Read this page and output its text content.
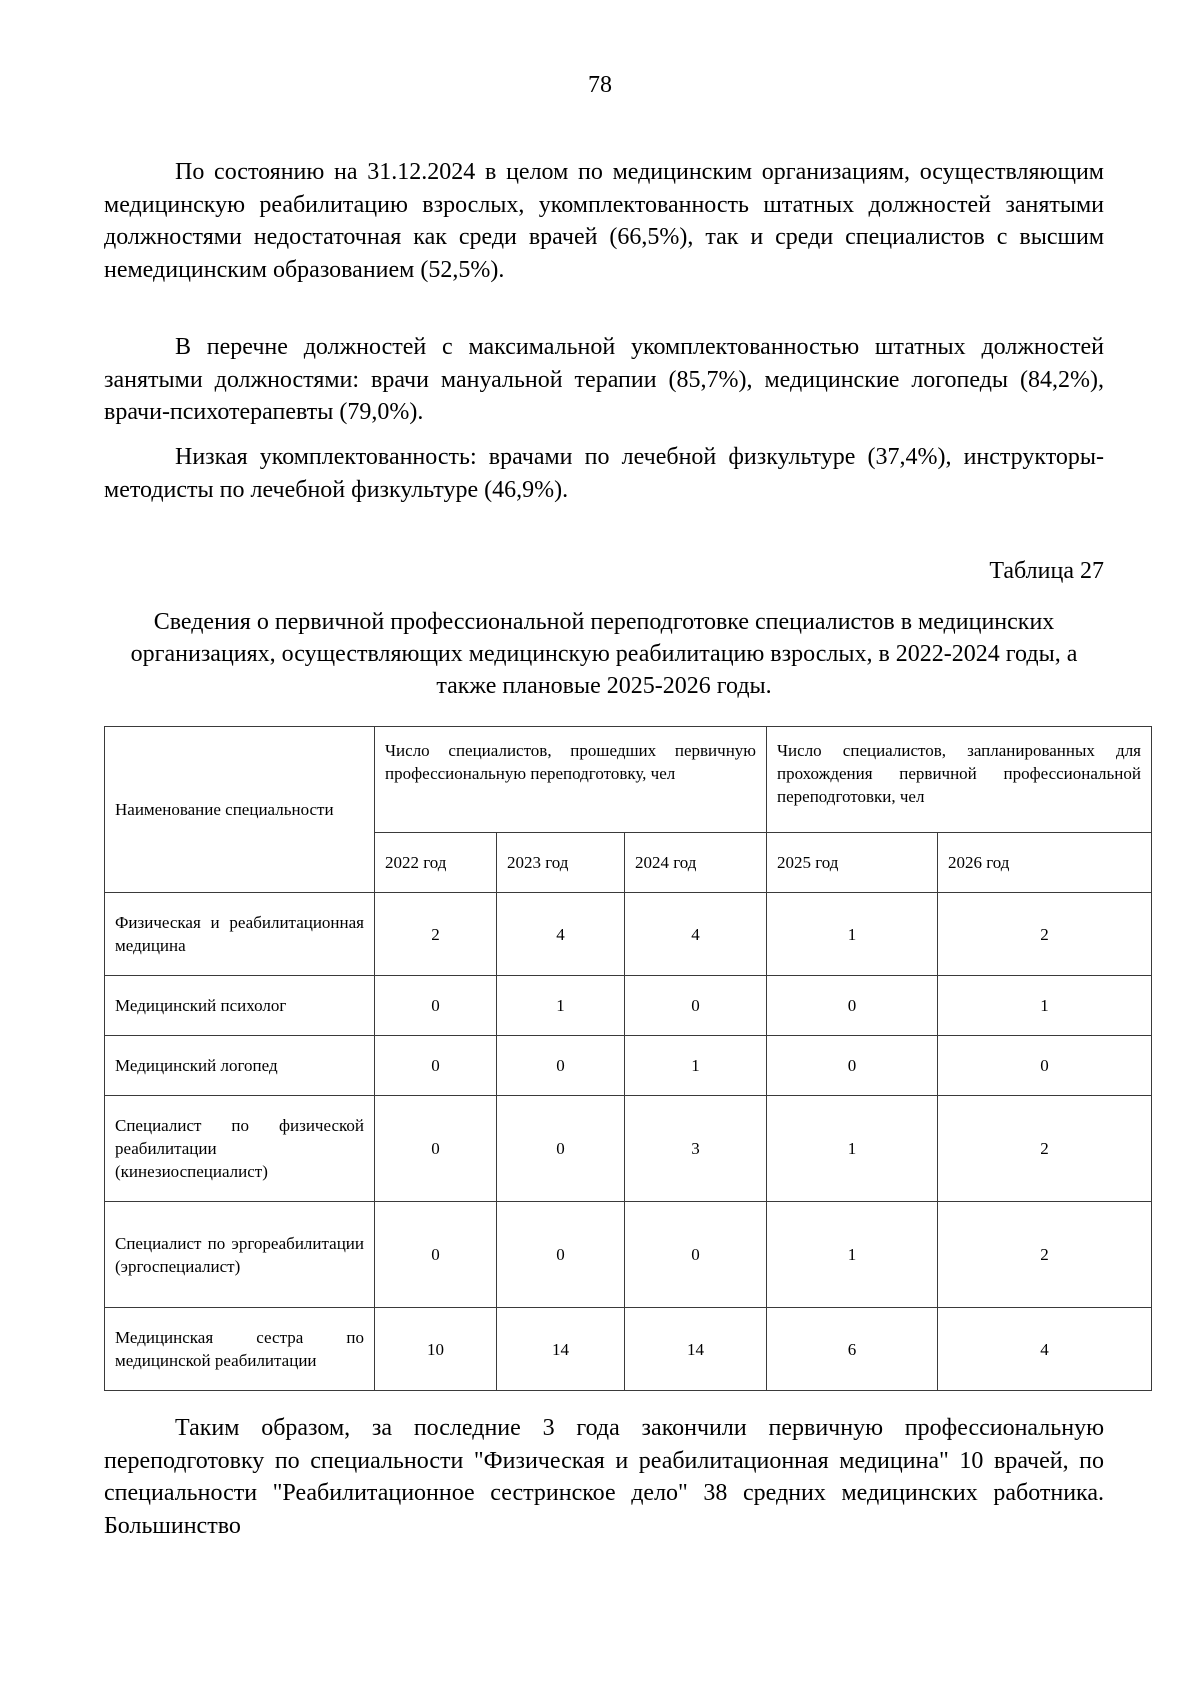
78

По состоянию на 31.12.2024 в целом по медицинским организациям, осуществляющим медицинскую реабилитацию взрослых, укомплектованность штатных должностей занятыми должностями недостаточная как среди врачей (66,5%), так и среди специалистов с высшим немедицинским образованием (52,5%).

В перечне должностей с максимальной укомплектованностью штатных должностей занятыми должностями: врачи мануальной терапии (85,7%), медицинские логопеды (84,2%), врачи-психотерапевты (79,0%).

Низкая укомплектованность: врачами по лечебной физкультуре (37,4%), инструкторы-методисты по лечебной физкультуре (46,9%).

Таблица 27

Сведения о первичной профессиональной переподготовке специалистов в медицинских организациях, осуществляющих медицинскую реабилитацию взрослых, в 2022-2024 годы, а также плановые 2025-2026 годы.

Наименование специальности	Число специалистов, прошедших первичную профессиональную переподготовку, чел			Число специалистов, запланированных для прохождения первичной профессиональной переподготовки, чел	
	2022 год	2023 год	2024 год	2025 год	2026 год
Физическая и реабилитационная медицина	2	4	4	1	2
Медицинский психолог	0	1	0	0	1
Медицинский логопед	0	0	1	0	0
Специалист по физической реабилитации (кинезиоспециалист)	0	0	3	1	2
Специалист по эргореабилитации (эргоспециалист)	0	0	0	1	2
Медицинская сестра по медицинской реабилитации	10	14	14	6	4

Таким образом, за последние 3 года закончили первичную профессиональную переподготовку по специальности "Физическая и реабилитационная медицина" 10 врачей, по специальности "Реабилитационное сестринское дело" 38 средних медицинских работника. Большинство
